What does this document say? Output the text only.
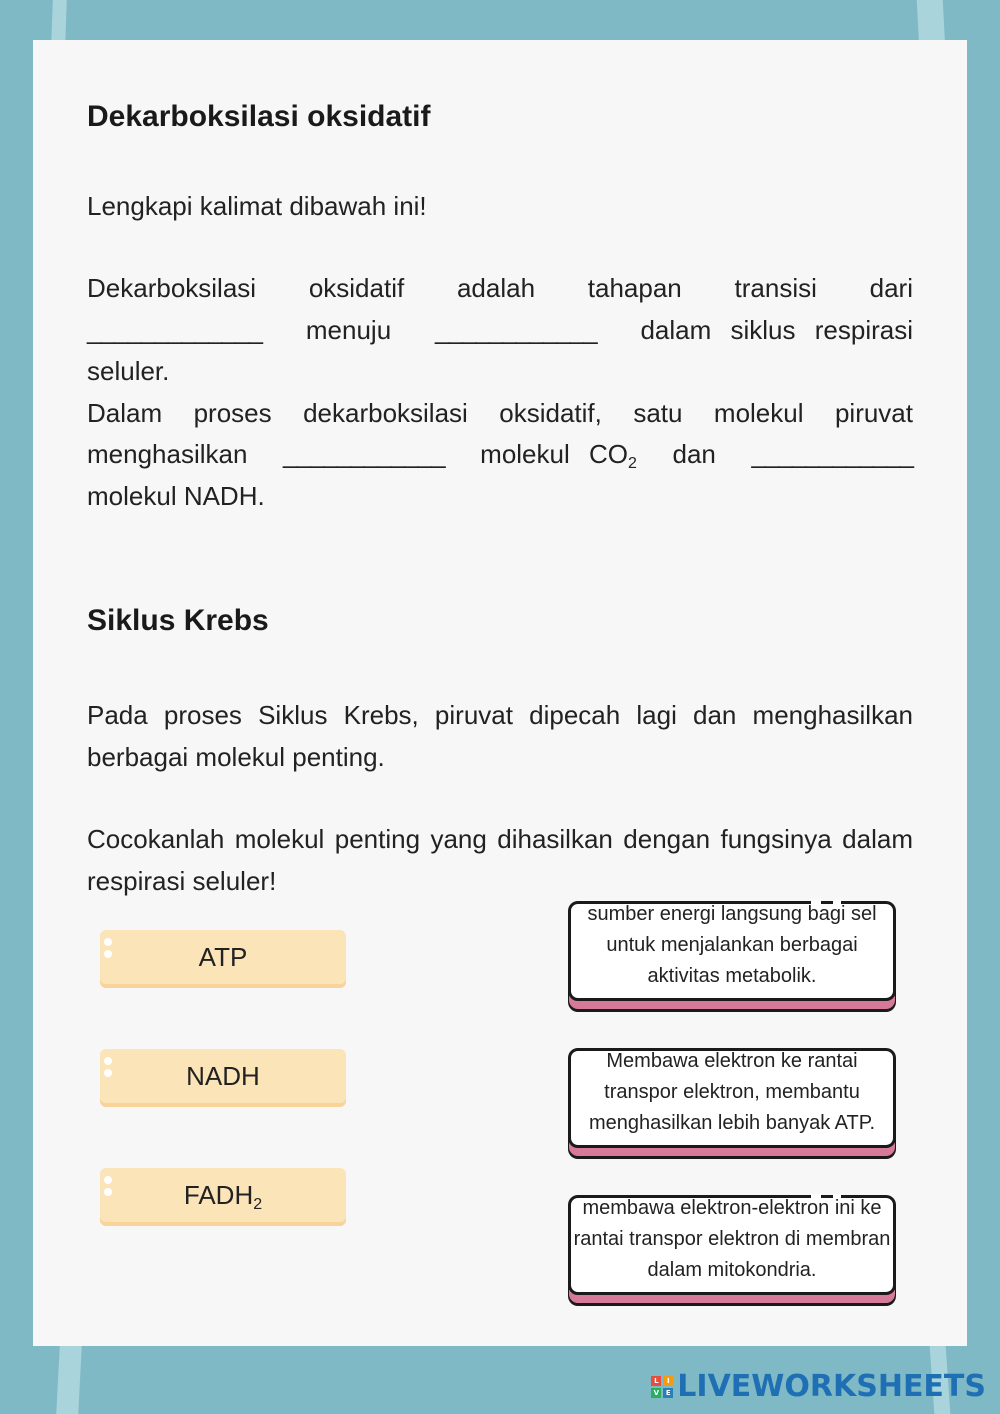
Dekarboksilasi oksidatif

Lengkapi kalimat dibawah ini!

Dekarboksilasi oksidatif adalah tahapan transisi dari
_____________ menuju ____________ dalam siklus respirasi
seluler.
Dalam proses dekarboksilasi oksidatif, satu molekul piruvat
menghasilkan ____________ molekul $CO_2$ dan ____________
molekul NADH.
Siklus Krebs

Pada proses Siklus Krebs, piruvat dipecah lagi dan menghasilkan berbagai molekul penting.

Cocokanlah molekul penting yang dihasilkan dengan fungsinya dalam respirasi seluler!

ATP
NADH
$FADH_2$
sumber energi langsung bagi sel untuk menjalankan berbagai aktivitas metabolik.
Membawa elektron ke rantai transpor elektron, membantu menghasilkan lebih banyak ATP.
membawa elektron-elektron ini ke rantai transpor elektron di membran dalam mitokondria.
L	I
V E LIVEWORKSHEETS
